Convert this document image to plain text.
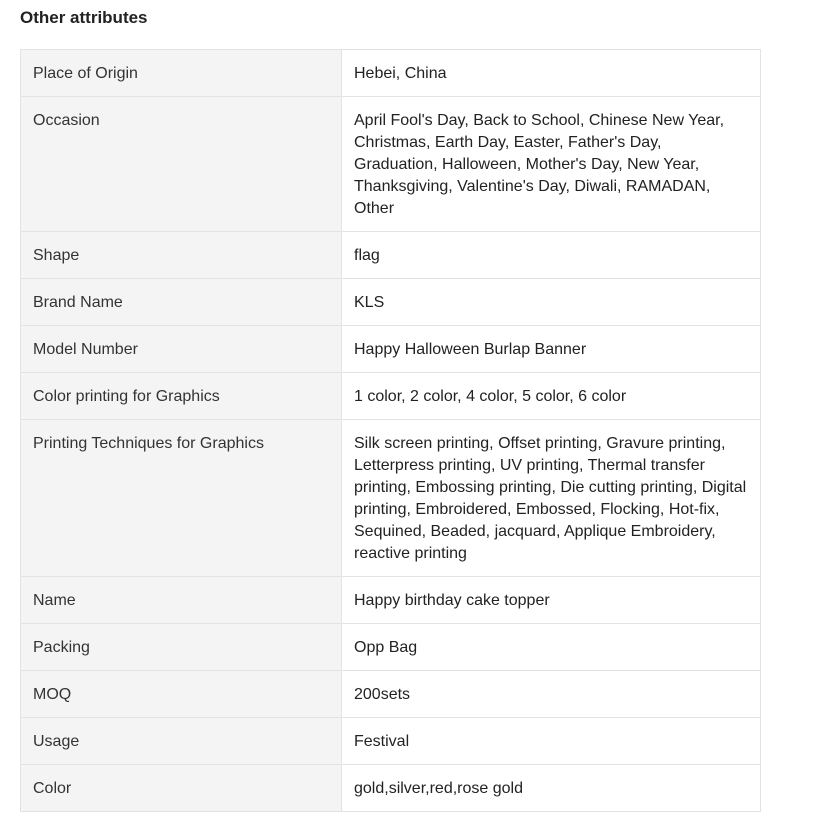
Other attributes
Place of Origin	Hebei, China
Occasion	April Fool's Day, Back to School, Chinese New Year, Christmas, Earth Day, Easter, Father's Day, Graduation, Halloween, Mother's Day, New Year, Thanksgiving, Valentine's Day, Diwali, RAMADAN, Other
Shape	flag
Brand Name	KLS
Model Number	Happy Halloween Burlap Banner
Color printing for Graphics	1 color, 2 color, 4 color, 5 color, 6 color
Printing Techniques for Graphics	Silk screen printing, Offset printing, Gravure printing, Letterpress printing, UV printing, Thermal transfer printing, Embossing printing, Die cutting printing, Digital printing, Embroidered, Embossed, Flocking, Hot-fix, Sequined, Beaded, jacquard, Applique Embroidery, reactive printing
Name	Happy birthday cake topper
Packing	Opp Bag
MOQ	200sets
Usage	Festival
Color	gold,silver,red,rose gold
